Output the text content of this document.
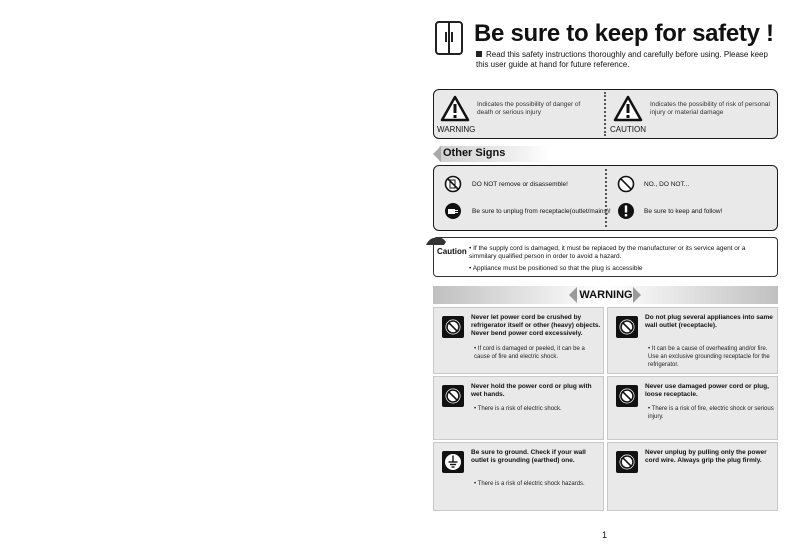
Be sure to keep for safety !
Read this safety instructions thoroughly and carefully before using. Please keep this user guide at hand for future reference.
Indicates the possibility of danger of death or serious injury
WARNING
Indicates the possibility of risk of personal injury or material damage
CAUTION
Other Signs
DO NOT remove or disassemble!
Be sure to unplug from receptacle(outlet/mains)!
NO., DO NOT...
Be sure to keep and follow!
Caution • If the supply cord is damaged, it must be replaced by the manufacturer or its service agent or a simmilary qualified person in order to avoid a hazard.
• Appliance must be positioned so that the plug is accessible
WARNING
Never let power cord be crushed by refrigerator itself or other (heavy) objects. Never bend power cord excessively.
• If cord is damaged or peeled, it can be a cause of fire and electric shock.
Do not plug several appliances into same wall outlet (receptacle).
• It can be a cause of overheating and/or fire. Use an exclusive grounding receptacle for the refrigerator.
Never hold the power cord or plug with wet hands.
• There is a risk of electric shock.
Never use damaged power cord or plug, loose receptacle.
• There is a risk of fire, electric shock or serious injury.
Be sure to ground. Check if your wall outlet is grounding (earthed) one.
• There is a risk of electric shock hazards.
Never unplug by pulling only the power cord wire. Always grip the plug firmly.
1
